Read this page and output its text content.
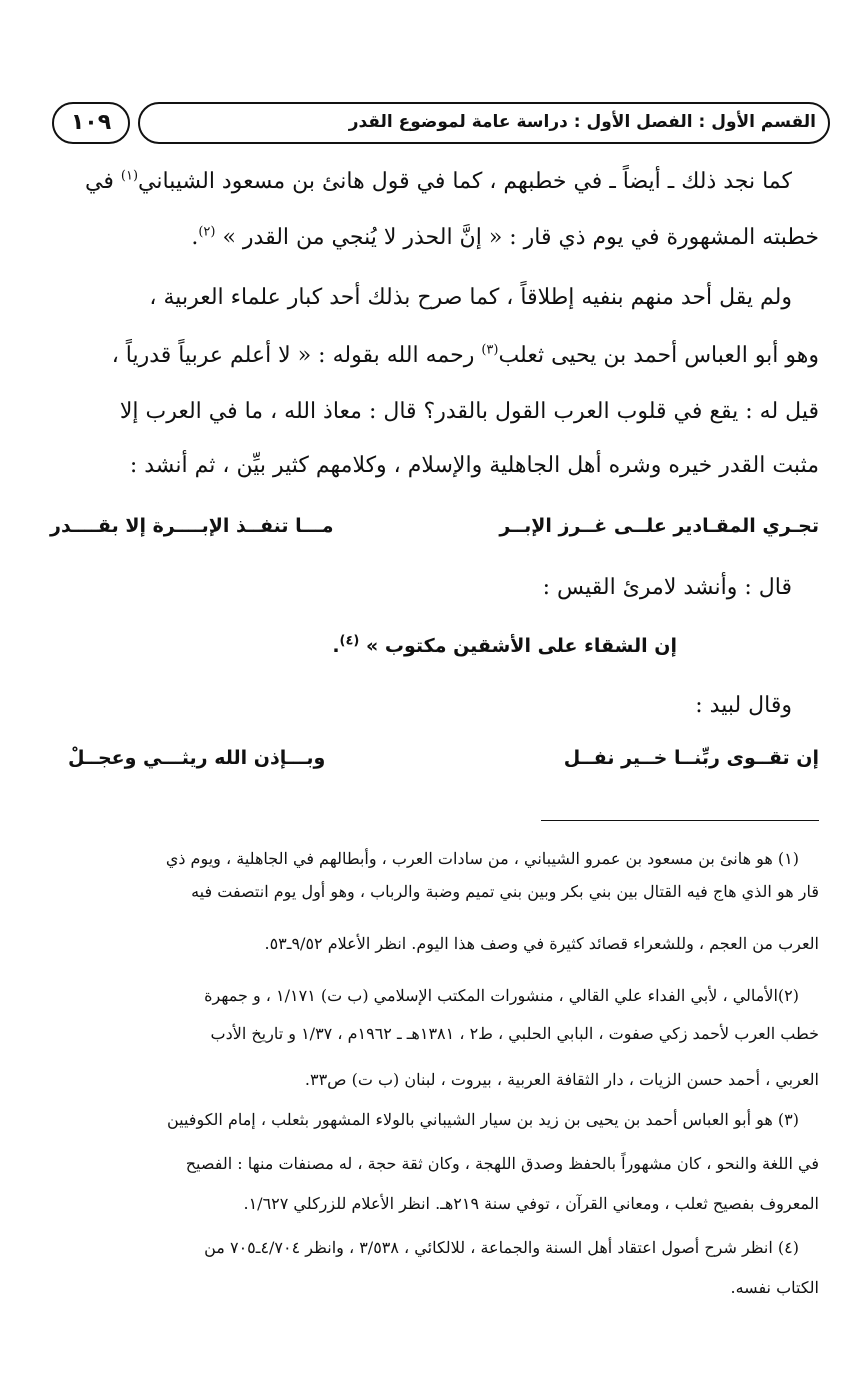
القسم الأول : الفصل الأول : دراسة عامة لموضوع القدر
١٠٩
كما نجد ذلك ـ أيضاً ـ في خطبهم ، كما في قول هانئ بن مسعود الشيباني$^{(١)}$ في
خطبته المشهورة في يوم ذي قار : « إنَّ الحذر لا يُنجي من القدر » $^{(٢)}$.
ولم يقل أحد منهم بنفيه إطلاقاً ، كما صرح بذلك أحد كبار علماء العربية ،
وهو أبو العباس أحمد بن يحيى ثعلب$^{(٣)}$ رحمه الله بقوله : « لا أعلم عربياً قدرياً ،
قيل له : يقع في قلوب العرب القول بالقدر؟ قال : معاذ الله ، ما في العرب إلا
مثبت القدر خيره وشره أهل الجاهلية والإسلام ، وكلامهم كثير بيِّن ، ثم أنشد :
تجـري المقـادير علــى غــرز الإبــر
مـــا تنفــذ الإبــــرة إلا بقــــدر
قال : وأنشد لامرئ القيس :
إن الشقاء على الأشقين مكتوب » $^{(٤)}$.
وقال لبيد :
إن تقــوى ربِّنــا خــير نفــل
وبـــإذن الله ريثـــي وعجــلْ
(١) هو هانئ بن مسعود بن عمرو الشيباني ، من سادات العرب ، وأبطالهم في الجاهلية ، ويوم ذي
قار هو الذي هاج فيه القتال بين بني بكر وبين بني تميم وضبة والرباب ، وهو أول يوم انتصفت فيه
العرب من العجم ، وللشعراء قصائد كثيرة في وصف هذا اليوم. انظر الأعلام ٩/٥٢ـ٥٣.
(٢)الأمالي ، لأبي الفداء علي القالي ، منشورات المكتب الإسلامي (ب ت) ١/١٧١ ، و جمهرة
خطب العرب لأحمد زكي صفوت ، البابي الحلبي ، ط٢ ، ١٣٨١هـ ـ ١٩٦٢م ، ١/٣٧ و تاريخ الأدب
العربي ، أحمد حسن الزيات ، دار الثقافة العربية ، بيروت ، لبنان (ب ت) ص٣٣.
(٣) هو أبو العباس أحمد بن يحيى بن زيد بن سيار الشيباني بالولاء المشهور بثعلب ، إمام الكوفيين
في اللغة والنحو ، كان مشهوراً بالحفظ وصدق اللهجة ، وكان ثقة حجة ، له مصنفات منها : الفصيح
المعروف بفصيح ثعلب ، ومعاني القرآن ، توفي سنة ٢١٩هـ. انظر الأعلام للزركلي ١/٦٢٧.
(٤) انظر شرح أصول اعتقاد أهل السنة والجماعة ، للالكائي ، ٣/٥٣٨ ، وانظر ٤/٧٠٤ـ٧٠٥ من
الكتاب نفسه.
